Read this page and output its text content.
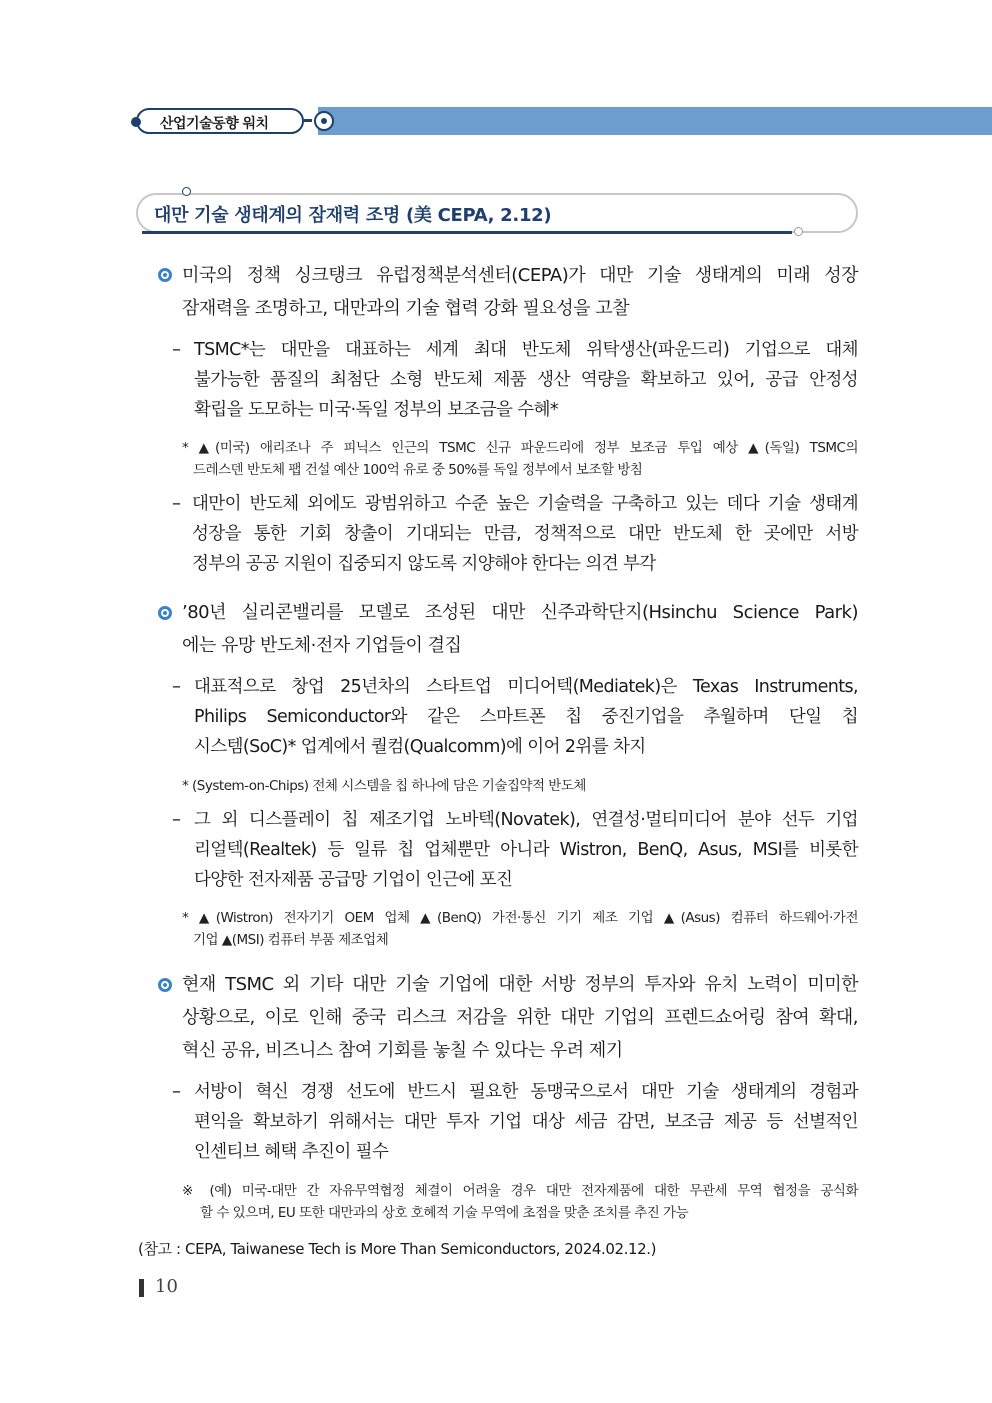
산업기술동향 워치
대만 기술 생태계의 잠재력 조명 (美 CEPA, 2.12)
미국의 정책 싱크탱크 유럽정책분석센터(CEPA)가 대만 기술 생태계의 미래 성장
잠재력을 조명하고, 대만과의 기술 협력 강화 필요성을 고찰
– TSMC*는 대만을 대표하는 세계 최대 반도체 위탁생산(파운드리) 기업으로 대체
불가능한 품질의 최첨단 소형 반도체 제품 생산 역량을 확보하고 있어, 공급 안정성
확립을 도모하는 미국·독일 정부의 보조금을 수혜*
* ▲(미국) 애리조나 주 피닉스 인근의 TSMC 신규 파운드리에 정부 보조금 투입 예상 ▲(독일) TSMC의
드레스덴 반도체 팹 건설 예산 100억 유로 중 50%를 독일 정부에서 보조할 방침
– 대만이 반도체 외에도 광범위하고 수준 높은 기술력을 구축하고 있는 데다 기술 생태계
성장을 통한 기회 창출이 기대되는 만큼, 정책적으로 대만 반도체 한 곳에만 서방
정부의 공공 지원이 집중되지 않도록 지양해야 한다는 의견 부각
’80년 실리콘밸리를 모델로 조성된 대만 신주과학단지(Hsinchu Science Park)
에는 유망 반도체·전자 기업들이 결집
– 대표적으로 창업 25년차의 스타트업 미디어텍(Mediatek)은 Texas Instruments,
Philips Semiconductor와 같은 스마트폰 칩 중진기업을 추월하며 단일 칩
시스템(SoC)* 업계에서 퀄컴(Qualcomm)에 이어 2위를 차지
* (System-on-Chips) 전체 시스템을 칩 하나에 담은 기술집약적 반도체
– 그 외 디스플레이 칩 제조기업 노바텍(Novatek), 연결성·멀티미디어 분야 선두 기업
리얼텍(Realtek) 등 일류 칩 업체뿐만 아니라 Wistron, BenQ, Asus, MSI를 비롯한
다양한 전자제품 공급망 기업이 인근에 포진
* ▲(Wistron) 전자기기 OEM 업체 ▲(BenQ) 가전·통신 기기 제조 기업 ▲(Asus) 컴퓨터 하드웨어·가전
기업 ▲(MSI) 컴퓨터 부품 제조업체
현재 TSMC 외 기타 대만 기술 기업에 대한 서방 정부의 투자와 유치 노력이 미미한
상황으로, 이로 인해 중국 리스크 저감을 위한 대만 기업의 프렌드쇼어링 참여 확대,
혁신 공유, 비즈니스 참여 기회를 놓칠 수 있다는 우려 제기
– 서방이 혁신 경쟁 선도에 반드시 필요한 동맹국으로서 대만 기술 생태계의 경험과
편익을 확보하기 위해서는 대만 투자 기업 대상 세금 감면, 보조금 제공 등 선별적인
인센티브 혜택 추진이 필수
※ (예) 미국-대만 간 자유무역협정 체결이 어려울 경우 대만 전자제품에 대한 무관세 무역 협정을 공식화
할 수 있으며, EU 또한 대만과의 상호 호혜적 기술 무역에 초점을 맞춘 조치를 추진 가능
(참고 : CEPA, Taiwanese Tech is More Than Semiconductors, 2024.02.12.)
10
